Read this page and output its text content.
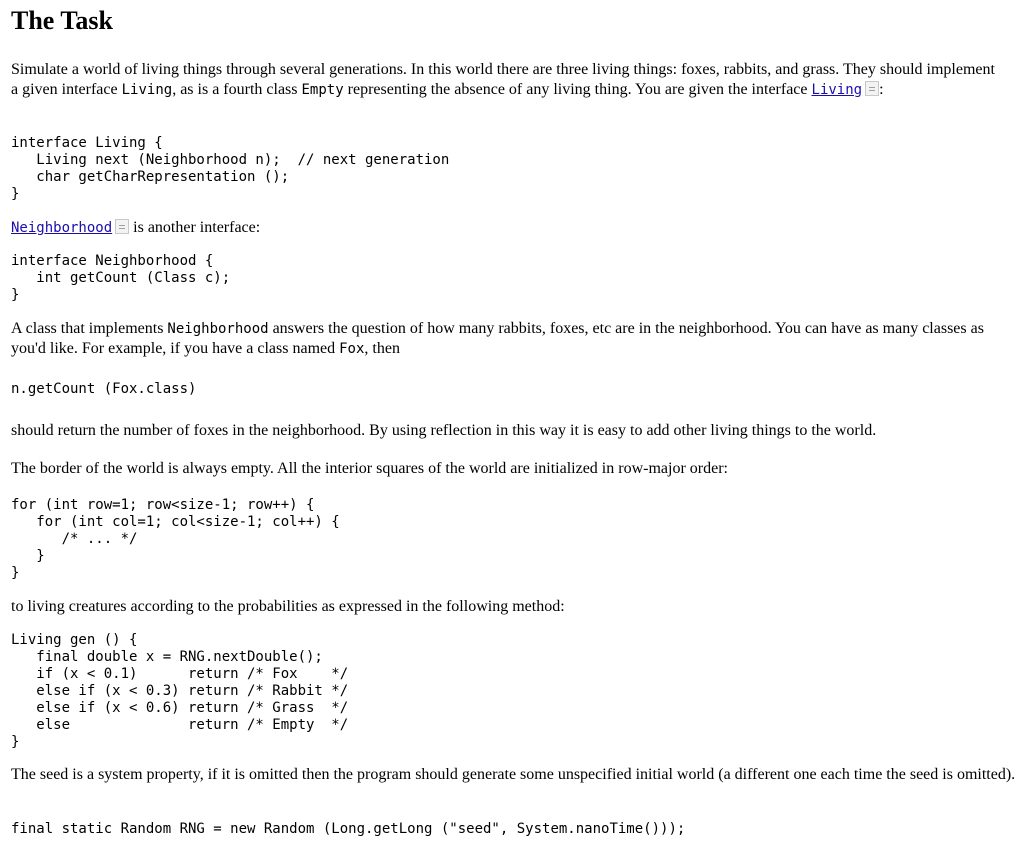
The Task

Simulate a world of living things through several generations. In this world there are three living things: foxes, rabbits, and grass. They should implement a given interface Living, as is a fourth class Empty representing the absence of any living thing. You are given the interface Living :

interface Living {
Living next (Neighborhood n);  // next generation
char getCharRepresentation ();
}

Neighborhood is another interface:

interface Neighborhood {
int getCount (Class c);
}

A class that implements Neighborhood answers the question of how many rabbits, foxes, etc are in the neighborhood. You can have as many classes as you'd like. For example, if you have a class named Fox, then

n.getCount (Fox.class)

should return the number of foxes in the neighborhood. By using reflection in this way it is easy to add other living things to the world.

The border of the world is always empty. All the interior squares of the world are initialized in row-major order:

for (int row=1; row<size-1; row++) {
for (int col=1; col<size-1; col++) {
/* ... */
}
}

to living creatures according to the probabilities as expressed in the following method:

Living gen () {
final double x = RNG.nextDouble();
if (x < 0.1)      return /* Fox    */
else if (x < 0.3) return /* Rabbit */
else if (x < 0.6) return /* Grass  */
else              return /* Empty  */
}

The seed is a system property, if it is omitted then the program should generate some unspecified initial world (a different one each time the seed is omitted).

final static Random RNG = new Random (Long.getLong ("seed", System.nanoTime()));
